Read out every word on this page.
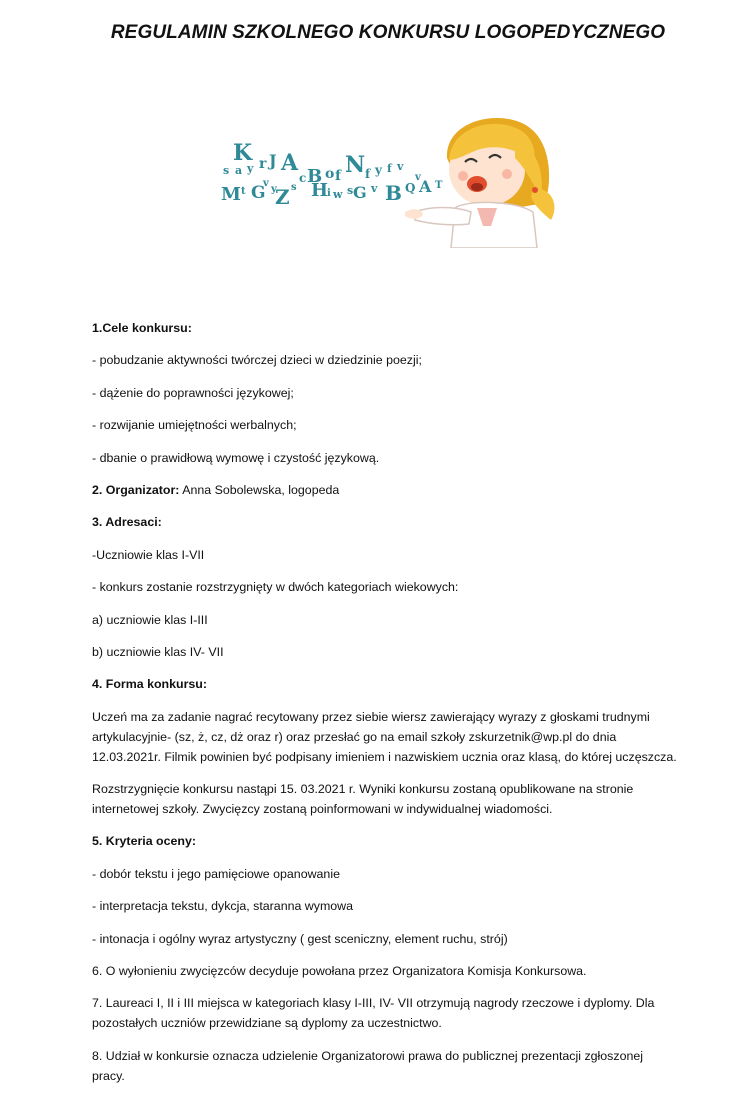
REGULAMIN SZKOLNEGO KONKURSU LOGOPEDYCZNEGO
K
s a y r J A
M t G
v
y
Z s
c B
H
o f
i w s
N
G
f
v
y
B
f v
Q
v
A T
1.Cele konkursu:
- pobudzanie aktywności twórczej dzieci w dziedzinie poezji;
- dążenie do poprawności językowej;
- rozwijanie umiejętności werbalnych;
- dbanie o prawidłową wymowę i czystość językową.
2. Organizator: Anna Sobolewska, logopeda
3. Adresaci:
-Uczniowie klas I-VII
- konkurs zostanie rozstrzygnięty w dwóch kategoriach wiekowych:
a) uczniowie klas I-III
b) uczniowie klas IV- VII
4. Forma konkursu:
Uczeń ma za zadanie nagrać recytowany przez siebie wiersz zawierający wyrazy z głoskami trudnymi
artykulacyjnie- (sz, ż, cz, dż oraz r) oraz przesłać go na email szkoły zskurzetnik@wp.pl do dnia
12.03.2021r. Filmik powinien być podpisany imieniem i nazwiskiem ucznia oraz klasą, do której uczęszcza.
Rozstrzygnięcie konkursu nastąpi 15. 03.2021 r. Wyniki konkursu zostaną opublikowane na stronie
internetowej szkoły. Zwycięzcy zostaną poinformowani w indywidualnej wiadomości.
5. Kryteria oceny:
- dobór tekstu i jego pamięciowe opanowanie
- interpretacja tekstu, dykcja, staranna wymowa
- intonacja i ogólny wyraz artystyczny ( gest sceniczny, element ruchu, strój)
6. O wyłonieniu zwycięzców decyduje powołana przez Organizatora Komisja Konkursowa.
7. Laureaci I, II i III miejsca w kategoriach klasy I-III, IV- VII otrzymują nagrody rzeczowe i dyplomy. Dla
pozostałych uczniów przewidziane są dyplomy za uczestnictwo.
8. Udział w konkursie oznacza udzielenie Organizatorowi prawa do publicznej prezentacji zgłoszonej
pracy.
